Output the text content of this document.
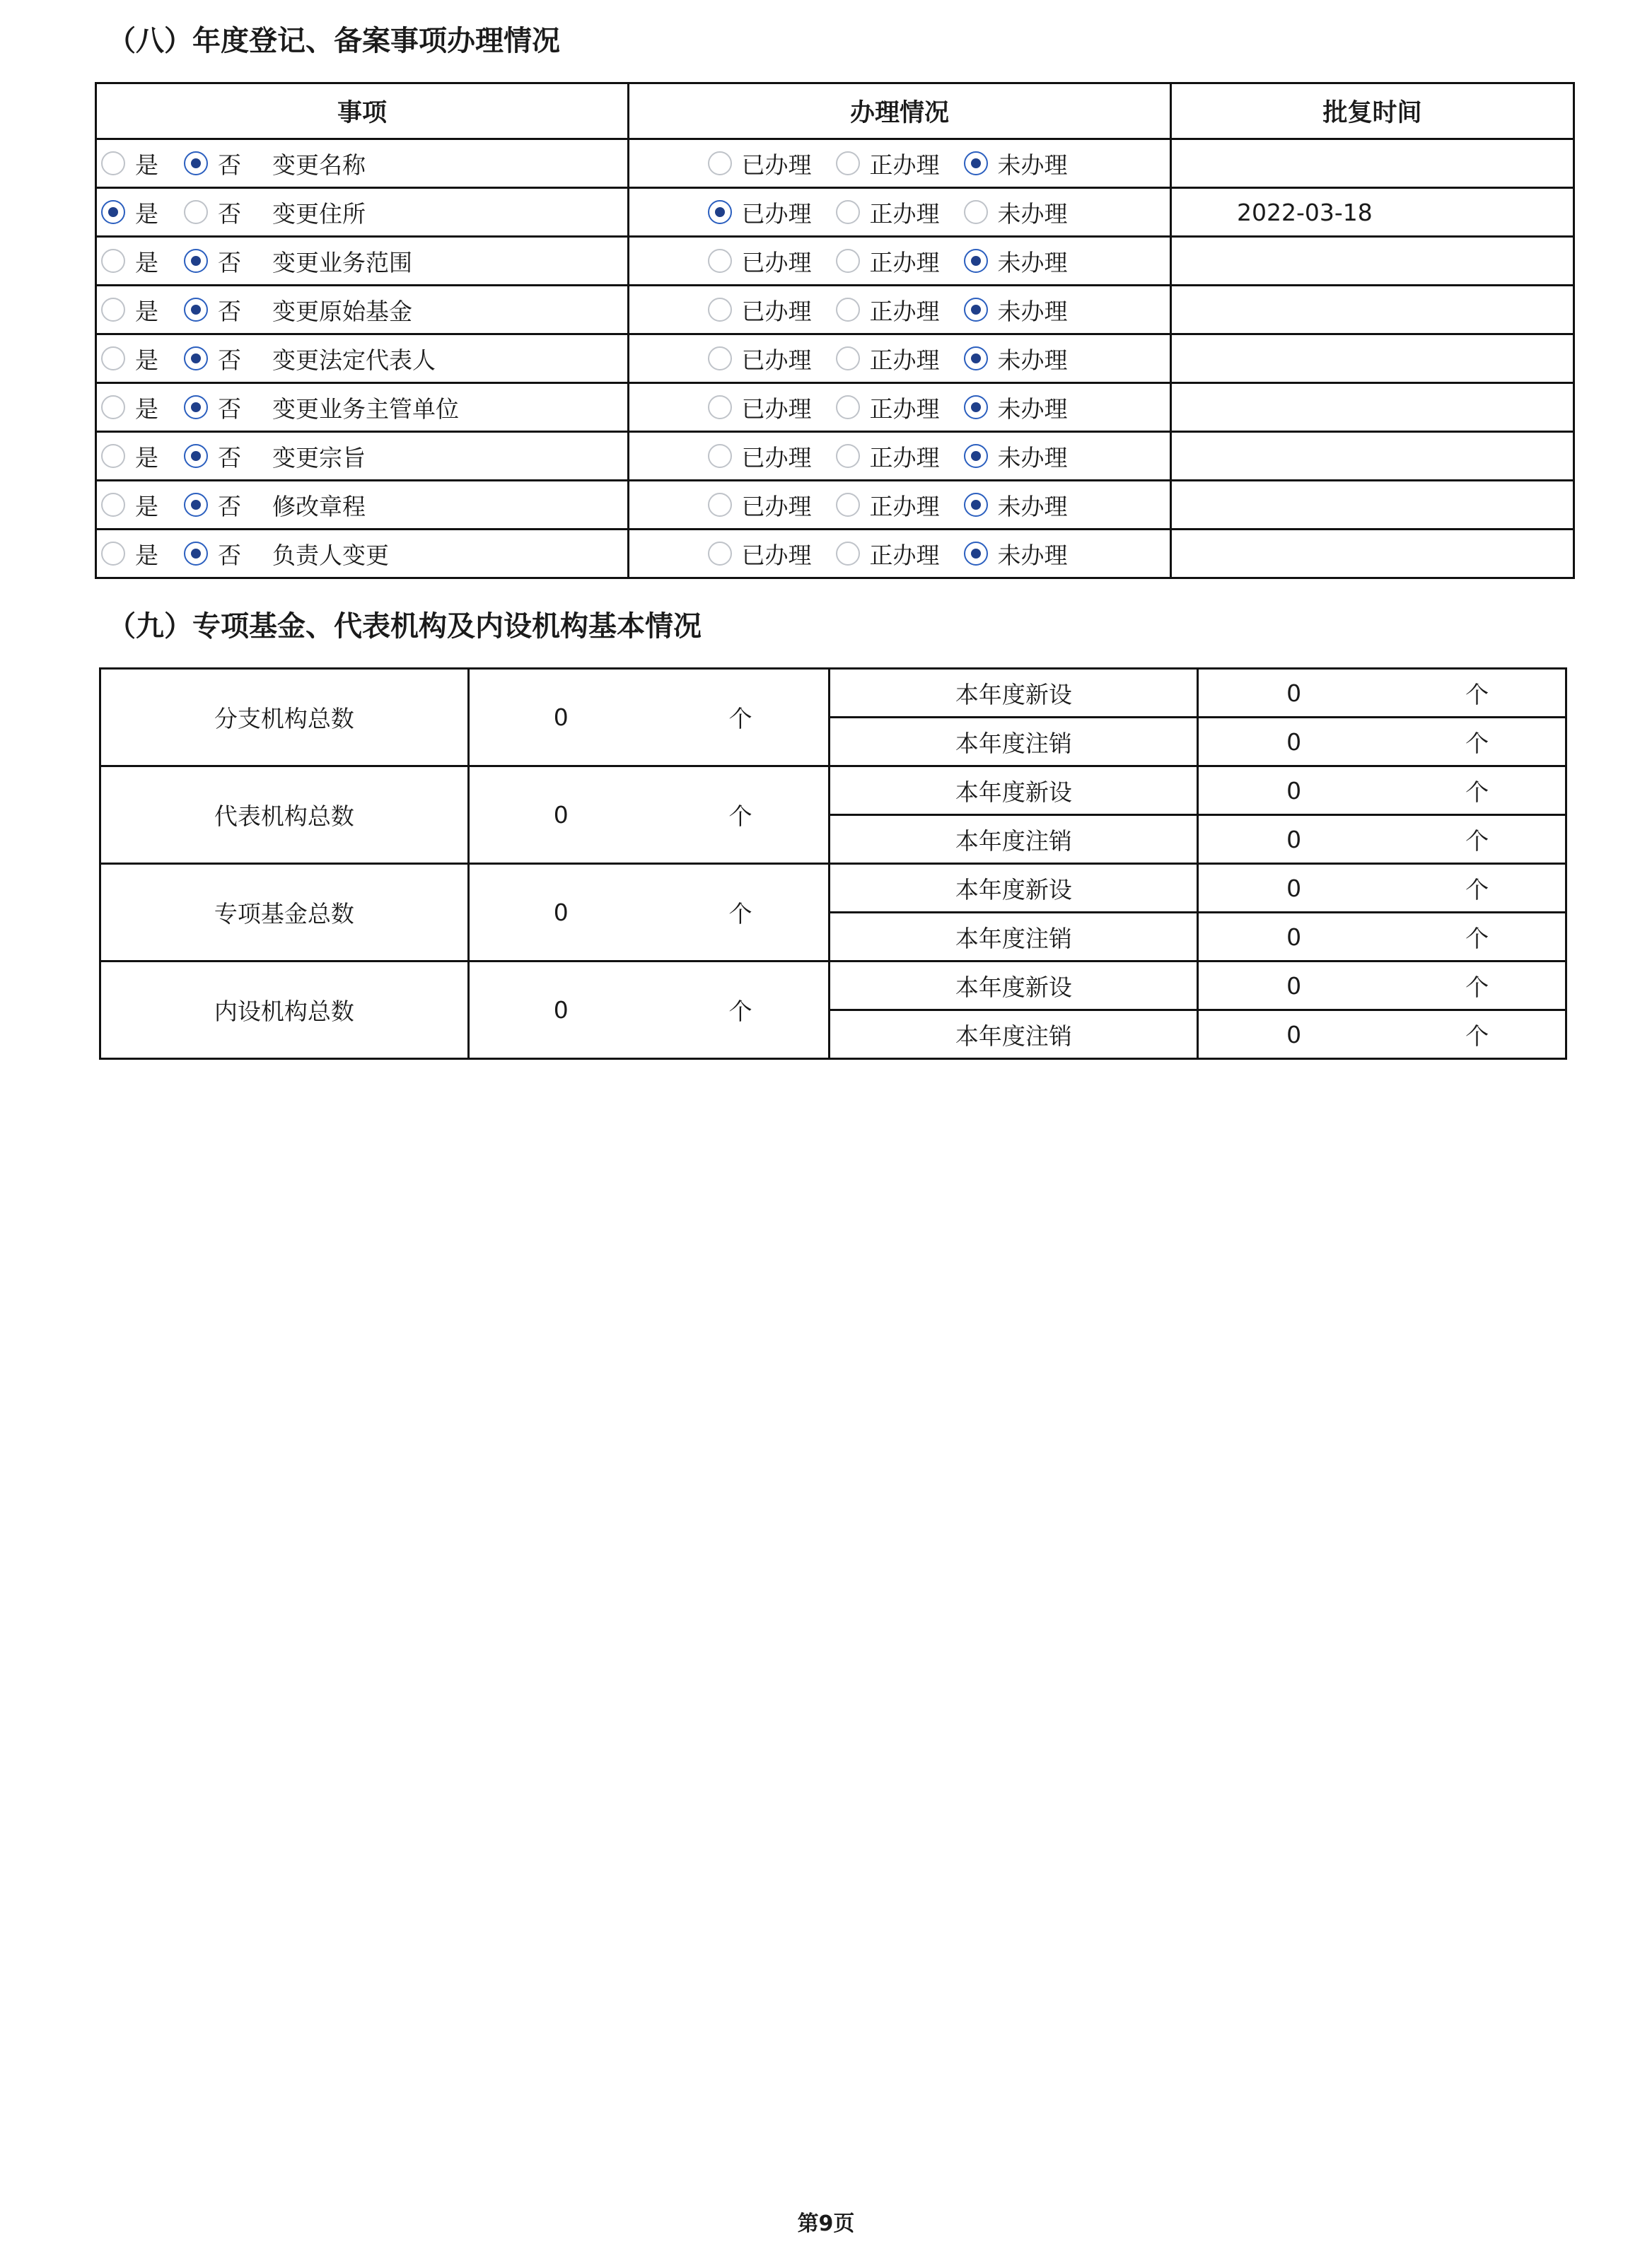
（八）年度登记、备案事项办理情况
事项	办理情况	批复时间

是 否 变更名称	已办理 正办理 未办理	

是 否 变更住所	已办理 正办理 未办理	2022-03-18

是 否 变更业务范围	已办理 正办理 未办理	

是 否 变更原始基金	已办理 正办理 未办理	

是 否 变更法定代表人	已办理 正办理 未办理	

是 否 变更业务主管单位	已办理 正办理 未办理	

是 否 变更宗旨	已办理 正办理 未办理	

是 否 修改章程	已办理 正办理 未办理	

是 否 负责人变更	已办理 正办理 未办理	

（九）专项基金、代表机构及内设机构基本情况
分支机构总数	0	个	本年度新设	0	个
			本年度注销	0	个
代表机构总数	0	个	本年度新设	0	个
			本年度注销	0	个
专项基金总数	0	个	本年度新设	0	个
			本年度注销	0	个
内设机构总数	0	个	本年度新设	0	个
			本年度注销	0	个
第9页
